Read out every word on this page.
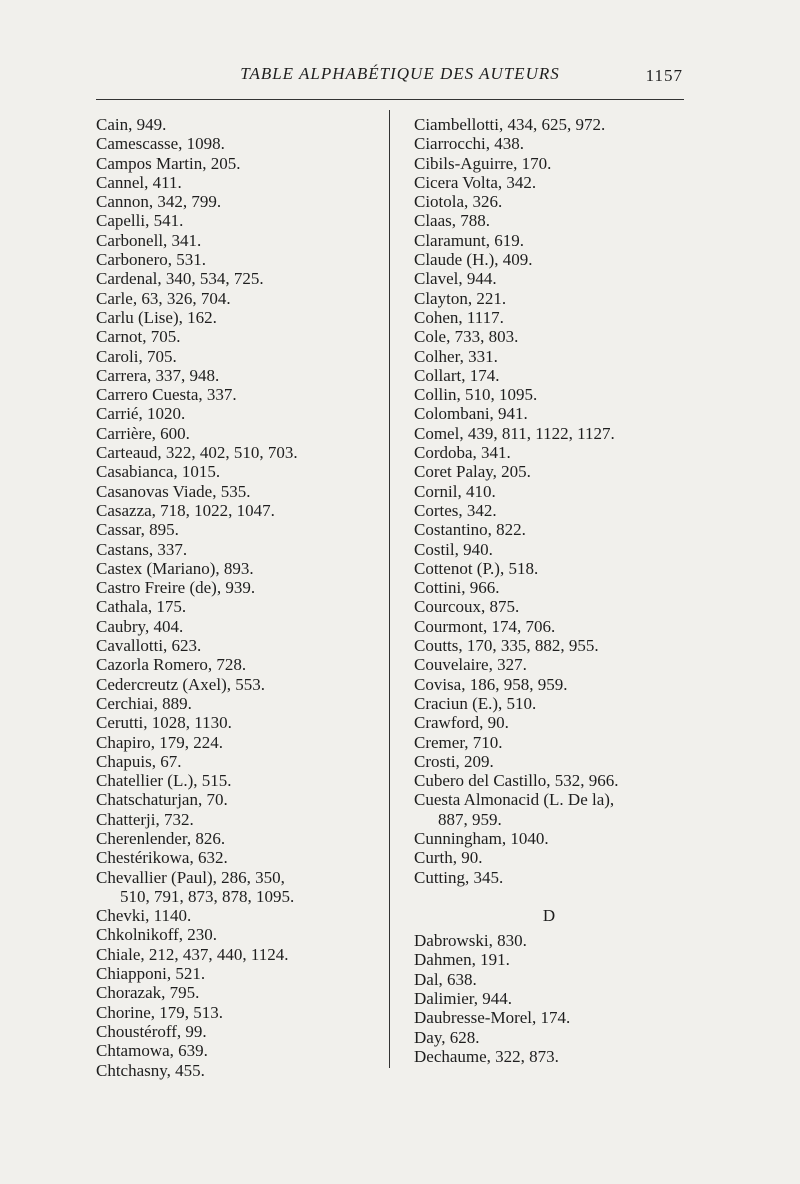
TABLE ALPHABÉTIQUE DES AUTEURS	1157
Cain, 949.
Camescasse, 1098.
Campos Martin, 205.
Cannel, 411.
Cannon, 342, 799.
Capelli, 541.
Carbonell, 341.
Carbonero, 531.
Cardenal, 340, 534, 725.
Carle, 63, 326, 704.
Carlu (Lise), 162.
Carnot, 705.
Caroli, 705.
Carrera, 337, 948.
Carrero Cuesta, 337.
Carrié, 1020.
Carrière, 600.
Carteaud, 322, 402, 510, 703.
Casabianca, 1015.
Casanovas Viade, 535.
Casazza, 718, 1022, 1047.
Cassar, 895.
Castans, 337.
Castex (Mariano), 893.
Castro Freire (de), 939.
Cathala, 175.
Caubry, 404.
Cavallotti, 623.
Cazorla Romero, 728.
Cedercreutz (Axel), 553.
Cerchiai, 889.
Cerutti, 1028, 1130.
Chapiro, 179, 224.
Chapuis, 67.
Chatellier (L.), 515.
Chatschaturjan, 70.
Chatterji, 732.
Cherenlender, 826.
Chestérikowa, 632.
Chevallier (Paul), 286, 350,
510, 791, 873, 878, 1095.
Chevki, 1140.
Chkolnikoff, 230.
Chiale, 212, 437, 440, 1124.
Chiapponi, 521.
Chorazak, 795.
Chorine, 179, 513.
Choustéroff, 99.
Chtamowa, 639.
Chtchasny, 455.
Ciambellotti, 434, 625, 972.
Ciarrocchi, 438.
Cibils-Aguirre, 170.
Cicera Volta, 342.
Ciotola, 326.
Claas, 788.
Claramunt, 619.
Claude (H.), 409.
Clavel, 944.
Clayton, 221.
Cohen, 1117.
Cole, 733, 803.
Colher, 331.
Collart, 174.
Collin, 510, 1095.
Colombani, 941.
Comel, 439, 811, 1122, 1127.
Cordoba, 341.
Coret Palay, 205.
Cornil, 410.
Cortes, 342.
Costantino, 822.
Costil, 940.
Cottenot (P.), 518.
Cottini, 966.
Courcoux, 875.
Courmont, 174, 706.
Coutts, 170, 335, 882, 955.
Couvelaire, 327.
Covisa, 186, 958, 959.
Craciun (E.), 510.
Crawford, 90.
Cremer, 710.
Crosti, 209.
Cubero del Castillo, 532, 966.
Cuesta Almonacid (L. De la),
887, 959.
Cunningham, 1040.
Curth, 90.
Cutting, 345.
D
Dabrowski, 830.
Dahmen, 191.
Dal, 638.
Dalimier, 944.
Daubresse-Morel, 174.
Day, 628.
Dechaume, 322, 873.
